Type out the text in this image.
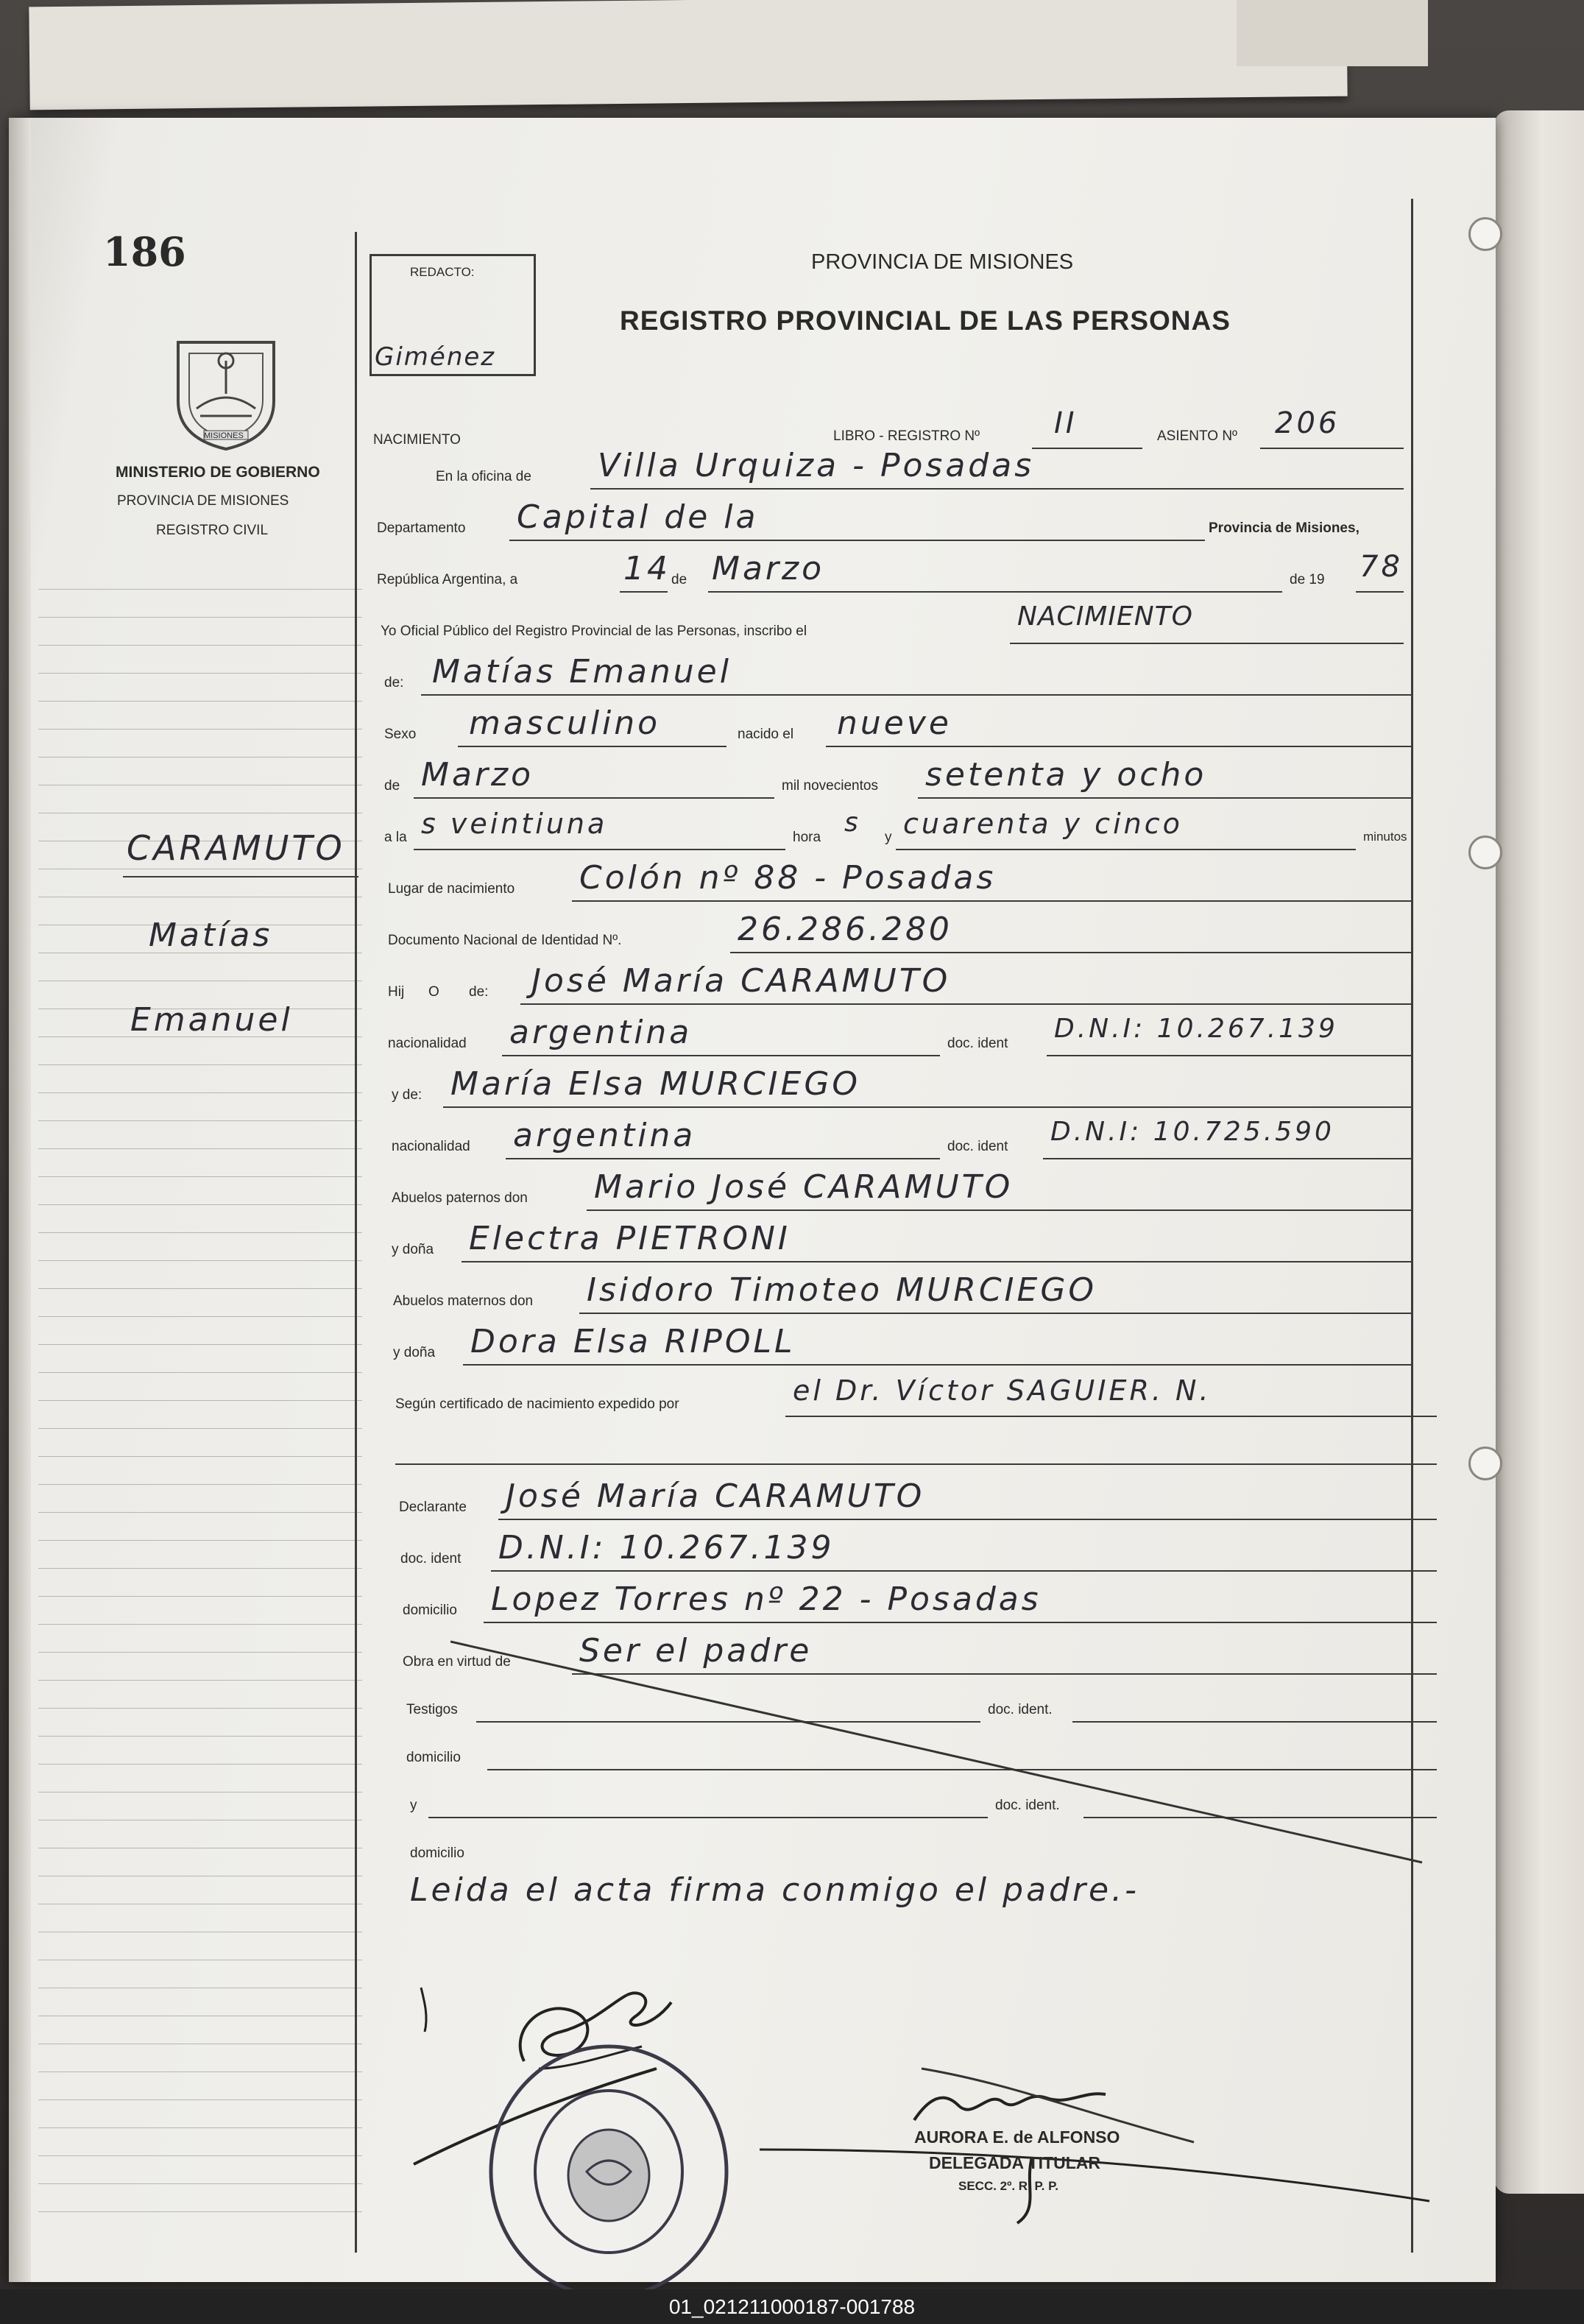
186
MISIONES
MINISTERIO DE GOBIERNO
PROVINCIA DE MISIONES
REGISTRO CIVIL
CARAMUTO
Matías
Emanuel
REDACTO:
Giménez
PROVINCIA DE MISIONES
REGISTRO PROVINCIAL DE LAS PERSONAS
LIBRO - REGISTRO Nº	II	ASIENTO Nº 206
NACIMIENTO
En la oficina de Villa Urquiza - Posadas
Departamento Capital de la	Provincia de Misiones,
República Argentina, a	14 de Marzo	de 19 78
Yo Oficial Público del Registro Provincial de las Personas, inscribo el	NACIMIENTO
de: Matías Emanuel
Sexo masculino	nacido el nueve
de Marzo	mil novecientos setenta y ocho
a la s veintiuna	hora s y cuarenta y cinco	minutos
Lugar de nacimiento Colón nº 88 - Posadas
Documento Nacional de Identidad Nº.	26.286.280
Hij O de: José María CARAMUTO
nacionalidad argentina	doc. ident D.N.I: 10.267.139
y de: María Elsa MURCIEGO
nacionalidad argentina	doc. ident D.N.I: 10.725.590
Abuelos paternos don Mario José CARAMUTO
y doña Electra PIETRONI
Abuelos maternos don Isidoro Timoteo MURCIEGO
y doña Dora Elsa RIPOLL
Según certificado de nacimiento expedido por	el Dr. Víctor SAGUIER. N.
Declarante José María CARAMUTO
doc. ident D.N.I: 10.267.139
domicilio Lopez Torres nº 22 - Posadas
Obra en virtud de Ser el padre
Testigos	doc. ident.
domicilio
y	doc. ident.
domicilio
Leida el acta firma conmigo el padre.-
AURORA E. de ALFONSO
DELEGADA TITULAR
SECC. 2º. R. P. P.
01_021211000187-001788
